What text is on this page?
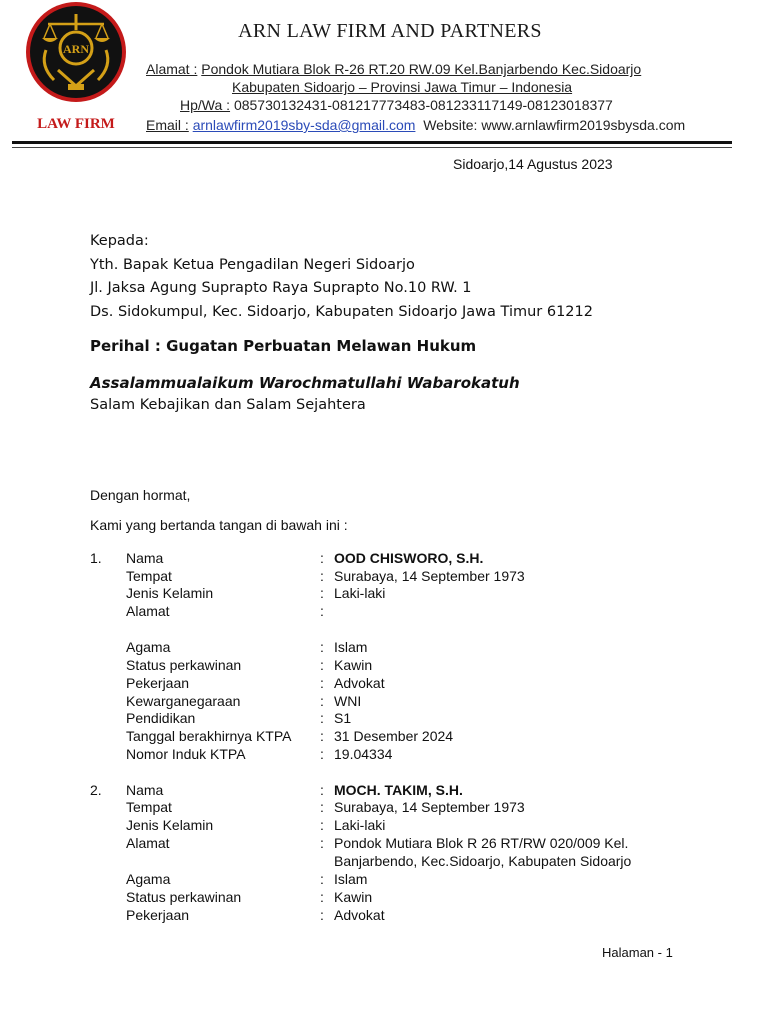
ARN
LAW FIRM
ARN LAW FIRM AND PARTNERS
Alamat : Pondok Mutiara Blok R-26 RT.20 RW.09 Kel.Banjarbendo Kec.Sidoarjo
Kabupaten Sidoarjo – Provinsi Jawa Timur – Indonesia
Hp/Wa : 085730132431-081217773483-081233117149-08123018377
Email : arnlawfirm2019sby-sda@gmail.com Website: www.arnlawfirm2019sbysda.com
Sidoarjo,14 Agustus 2023
Kepada:
Yth. Bapak Ketua Pengadilan Negeri Sidoarjo
Jl. Jaksa Agung Suprapto Raya Suprapto No.10 RW. 1
Ds. Sidokumpul, Kec. Sidoarjo, Kabupaten Sidoarjo Jawa Timur 61212
Perihal : Gugatan Perbuatan Melawan Hukum
Assalammualaikum Warochmatullahi Wabarokatuh
Salam Kebajikan dan Salam Sejahtera
Dengan hormat,
Kami yang bertanda tangan di bawah ini :
1. Nama	: OOD CHISWORO, S.H.
Tempat	: Surabaya, 14 September 1973
Jenis Kelamin	: Laki-laki
Alamat	:
Agama	: Islam
Status perkawinan	: Kawin
Pekerjaan	: Advokat
Kewarganegaraan	: WNI
Pendidikan	: S1
Tanggal berakhirnya KTPA : 31 Desember 2024
Nomor Induk KTPA	: 19.04334
2. Nama	: MOCH. TAKIM, S.H.
Tempat	: Surabaya, 14 September 1973
Jenis Kelamin	: Laki-laki
Alamat	: Pondok Mutiara Blok R 26 RT/RW 020/009 Kel.
Banjarbendo, Kec.Sidoarjo, Kabupaten Sidoarjo
Agama	: Islam
Status perkawinan	: Kawin
Pekerjaan	: Advokat
Halaman - 1
